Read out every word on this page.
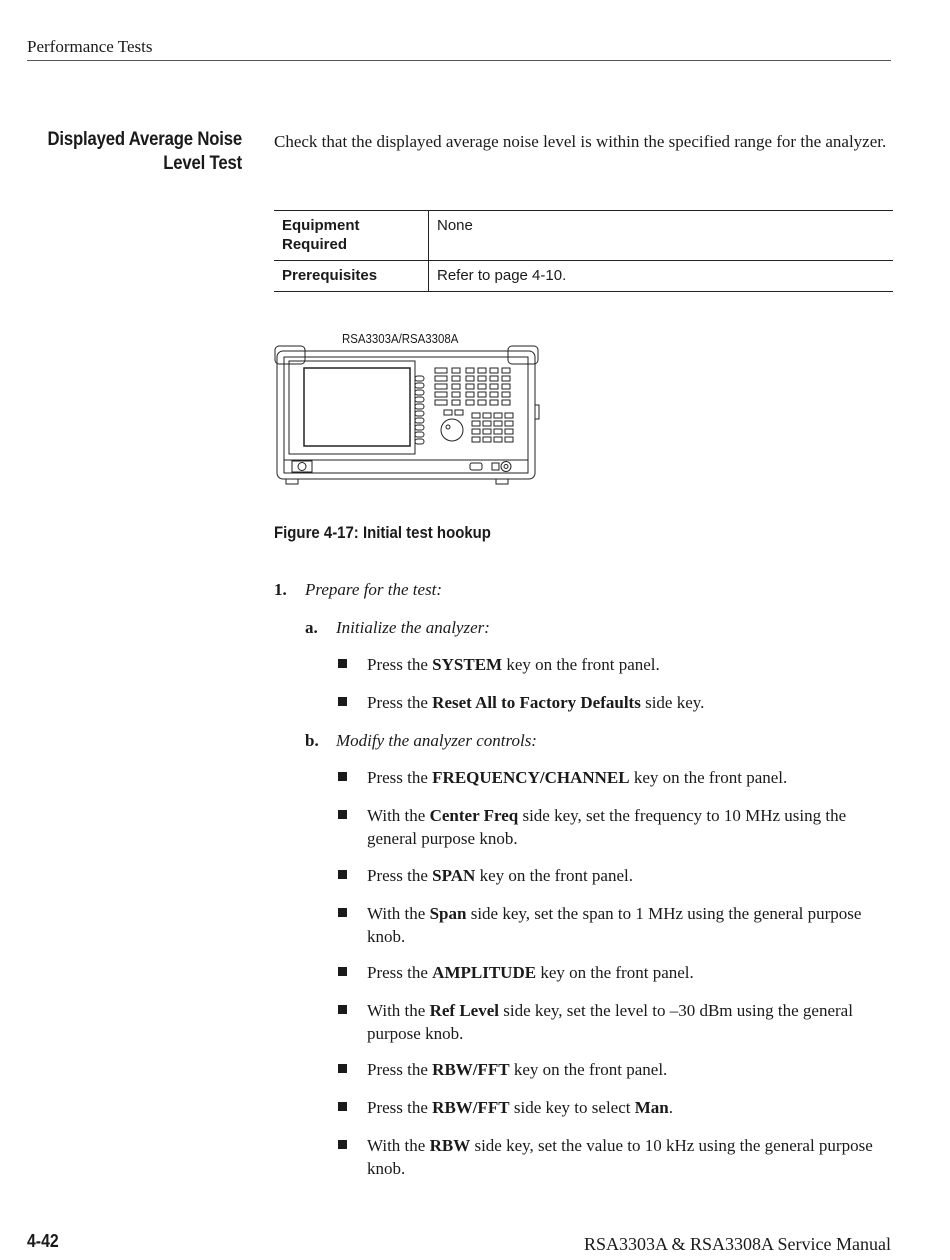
Performance Tests
Displayed Average Noise
Level Test
Check that the displayed average noise level is within the specified range for the analyzer.
Equipment
Required	None

Prerequisites	Refer to page 4-10.
RSA3303A/RSA3308A
Figure 4-17: Initial test hookup
1. Prepare for the test:
a. Initialize the analyzer:
Press the SYSTEM key on the front panel.
Press the Reset All to Factory Defaults side key.
b. Modify the analyzer controls:
Press the FREQUENCY/CHANNEL key on the front panel.
With the Center Freq side key, set the frequency to 10 MHz using the general purpose knob.
Press the SPAN key on the front panel.
With the Span side key, set the span to 1 MHz using the general purpose knob.
Press the AMPLITUDE key on the front panel.
With the Ref Level side key, set the level to –30 dBm using the general purpose knob.
Press the RBW/FFT key on the front panel.
Press the RBW/FFT side key to select Man.
With the RBW side key, set the value to 10 kHz using the general purpose knob.
4-42	RSA3303A & RSA3308A Service Manual
